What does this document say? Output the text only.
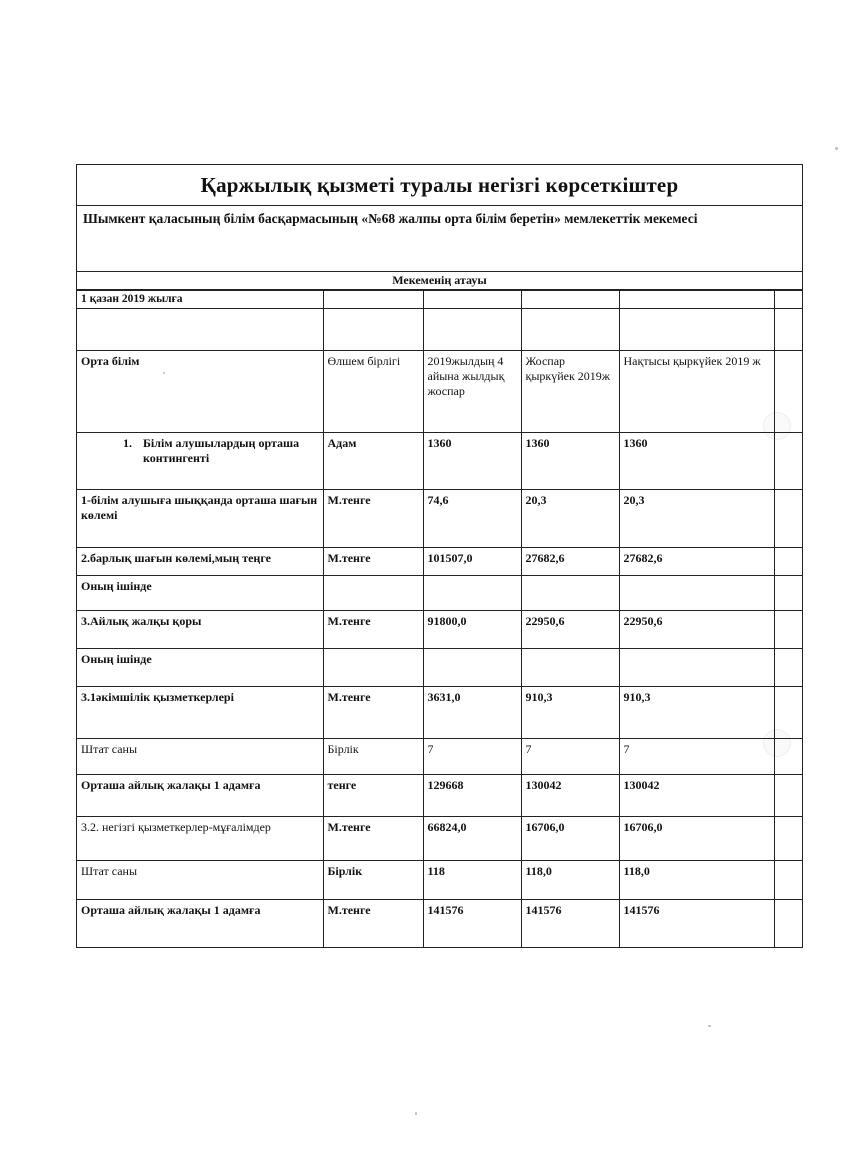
Қаржылық қызметі туралы негізгі көрсеткіштер
Шымкент қаласының білім басқармасының «№68 жалпы орта білім беретін» мемлекеттік мекемесі
Мекеменің атауы
1 қазан 2019 жылға					

Орта білім	Өлшем бірлігі	2019жылдың 4 айына жылдық жоспар	Жоспар қыркүйек 2019ж	Нақтысы қыркүйек 2019 ж	

1. Білім алушылардың орташа контингенті	Адам	1360	1360	1360	
1-білім алушыға шыққанда орташа шағын көлемі	М.тенге	74,6	20,3	20,3	
2.барлық шағын көлемі,мың теңге	М.тенге	101507,0	27682,6	27682,6	
Оның ішінде					
3.Айлық жалқы қоры	М.тенге	91800,0	22950,6	22950,6	
Оның ішінде					
3.1әкімшілік қызметкерлері	М.тенге	3631,0	910,3	910,3	
Штат саны	Бірлік	7	7	7	
Орташа айлық жалақы 1 адамға	тенге	129668	130042	130042	
3.2. негізгі қызметкерлер-мұғалімдер	М.тенге	66824,0	16706,0	16706,0	
Штат саны	Бірлік	118	118,0	118,0	
Орташа айлық жалақы 1 адамға	М.тенге	141576	141576	141576	
